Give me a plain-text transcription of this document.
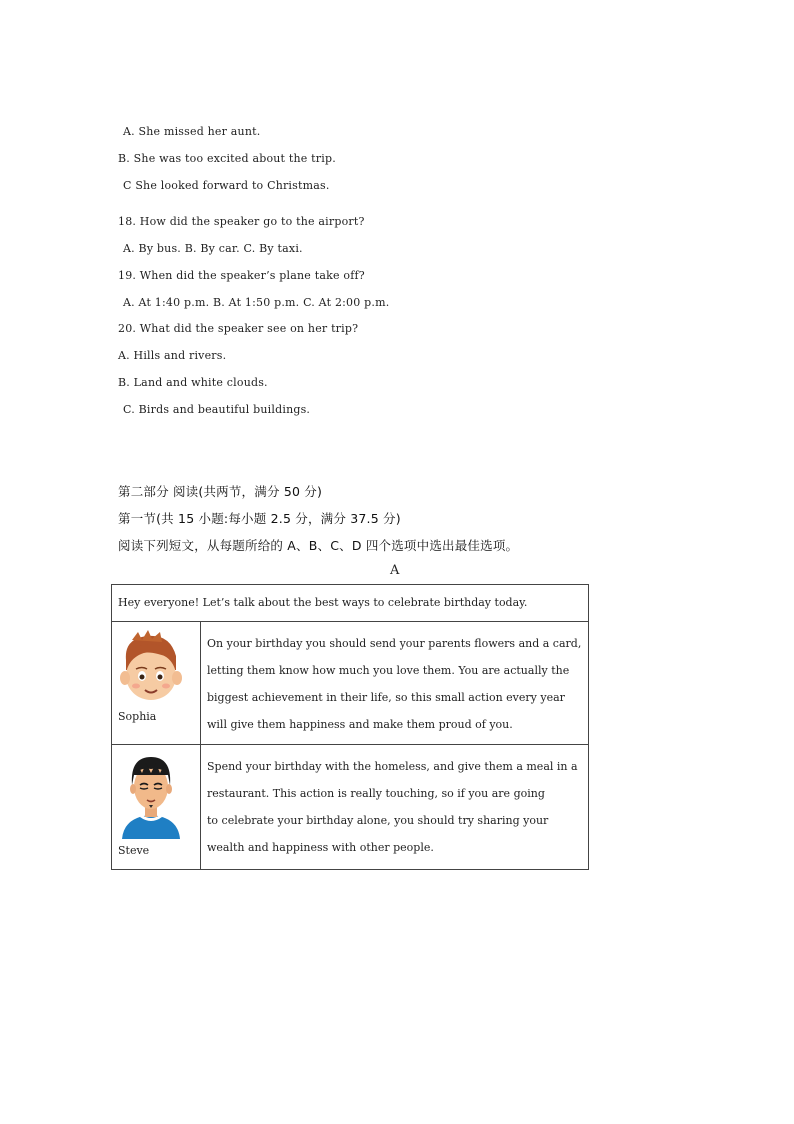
A. She missed her aunt.
B. She was too excited about the trip.
C She looked forward to Christmas.
18. How did the speaker go to the airport?
A. By bus. B. By car. C. By taxi.
19. When did the speaker’s plane take off?
A. At 1:40 p.m. B. At 1:50 p.m. C. At 2:00 p.m.
20. What did the speaker see on her trip?
A. Hills and rivers.
B. Land and white clouds.
C. Birds and beautiful buildings.
第二部分 阅读(共两节，满分 50 分)
第一节(共 15 小题:每小题 2.5 分，满分 37.5 分)
阅读下列短文，从每题所给的 A、B、C、D 四个选项中选出最佳选项。
A
Hey everyone! Let’s talk about the best ways to celebrate birthday today.	

Sophia	On your birthday you should send your parents flowers and a card,
letting them know how much you love them. You are actually the
biggest achievement in their life, so this small action every year
will give them happiness and make them proud of you.

Steve	Spend your birthday with the homeless, and give them a meal in a
restaurant. This action is really touching, so if you are going
to celebrate your birthday alone, you should try sharing your
wealth and happiness with other people.
